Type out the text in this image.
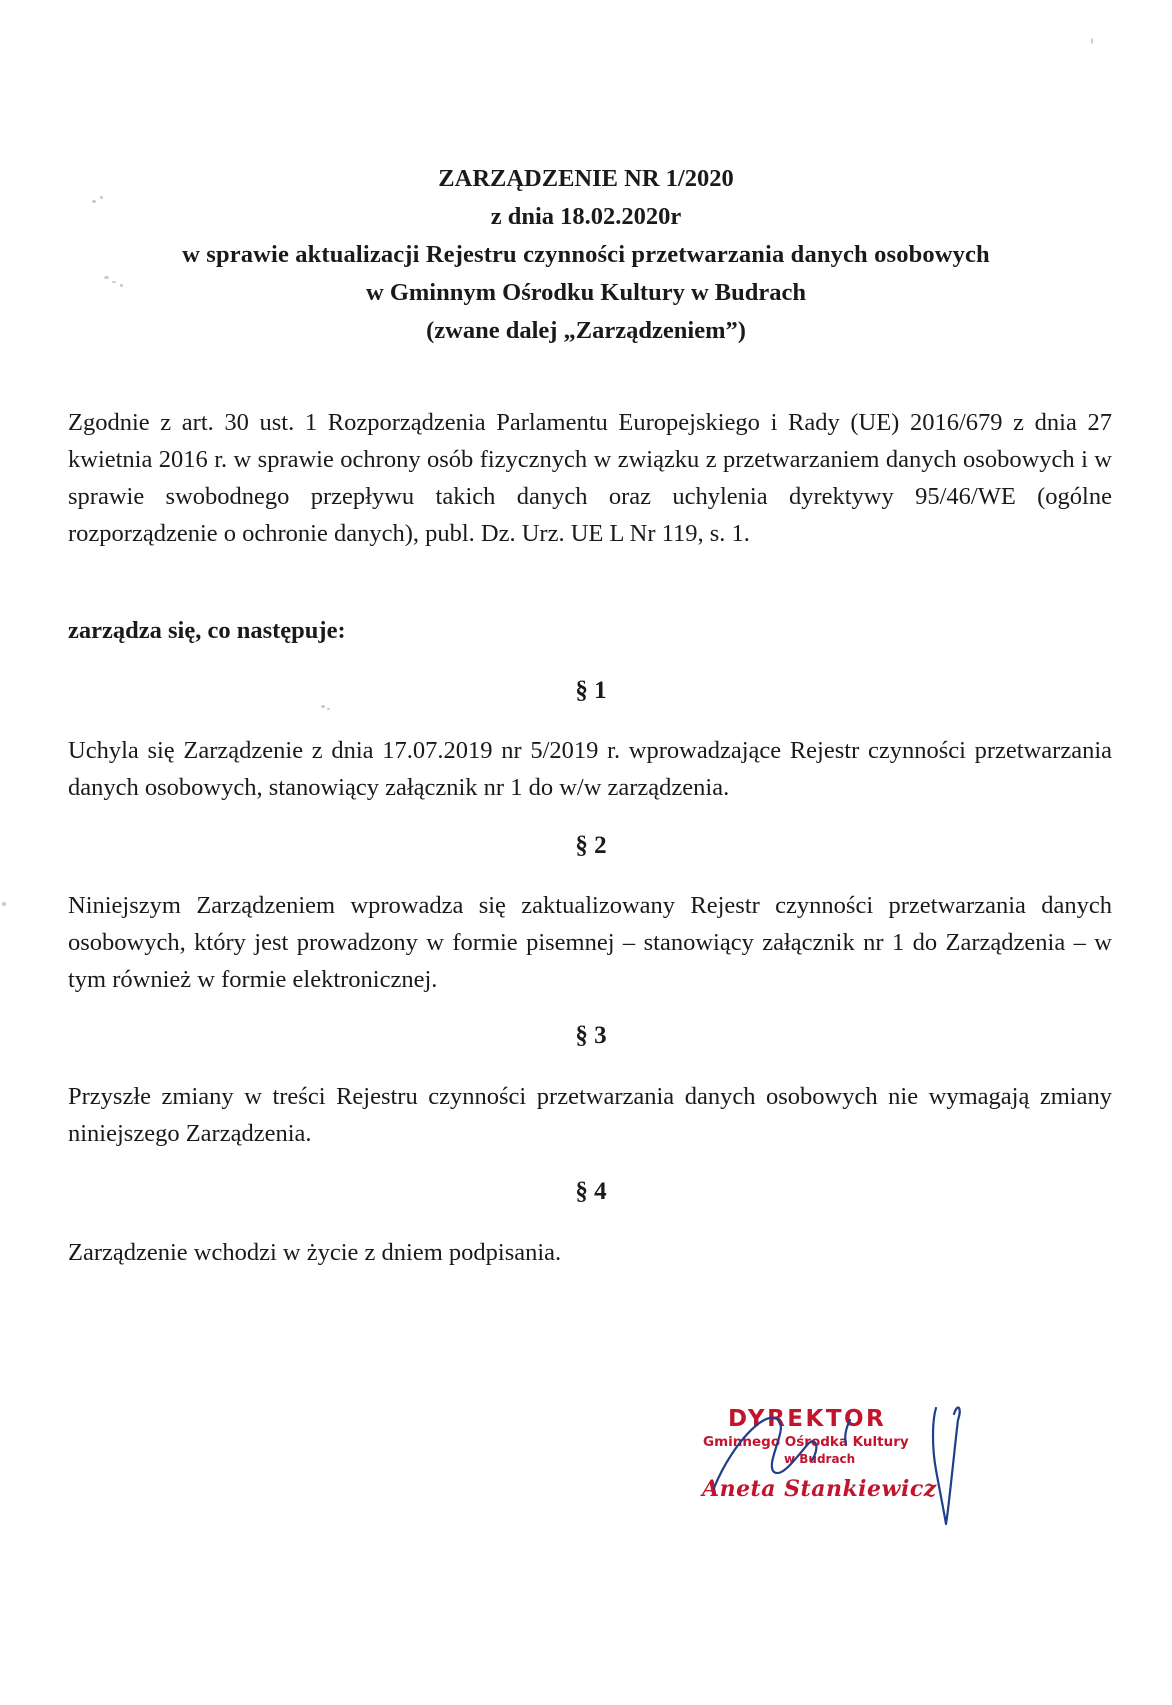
ZARZĄDZENIE NR 1/2020
z dnia 18.02.2020r
w sprawie aktualizacji Rejestru czynności przetwarzania danych osobowych
w Gminnym Ośrodku Kultury w Budrach
(zwane dalej „Zarządzeniem”)
Zgodnie z art. 30 ust. 1 Rozporządzenia Parlamentu Europejskiego i Rady (UE) 2016/679 z dnia 27 kwietnia 2016 r. w sprawie ochrony osób fizycznych w związku z przetwarzaniem danych osobowych i w sprawie swobodnego przepływu takich danych oraz uchylenia dyrektywy 95/46/WE (ogólne rozporządzenie o ochronie danych), publ. Dz. Urz. UE L Nr 119, s. 1.
zarządza się, co następuje:
§ 1
Uchyla się Zarządzenie z dnia 17.07.2019 nr 5/2019 r. wprowadzające Rejestr czynności przetwarzania danych osobowych, stanowiący załącznik nr 1 do w/w zarządzenia.
§ 2
Niniejszym Zarządzeniem wprowadza się zaktualizowany Rejestr czynności przetwarzania danych osobowych, który jest prowadzony w formie pisemnej – stanowiący załącznik nr 1 do Zarządzenia – w tym również w formie elektronicznej.
§ 3
Przyszłe zmiany w treści Rejestru czynności przetwarzania danych osobowych nie wymagają zmiany niniejszego Zarządzenia.
§ 4
Zarządzenie wchodzi w życie z dniem podpisania.
DYREKTOR
Gminnego Ośrodka Kultury
w Budrach
Aneta Stankiewicz
